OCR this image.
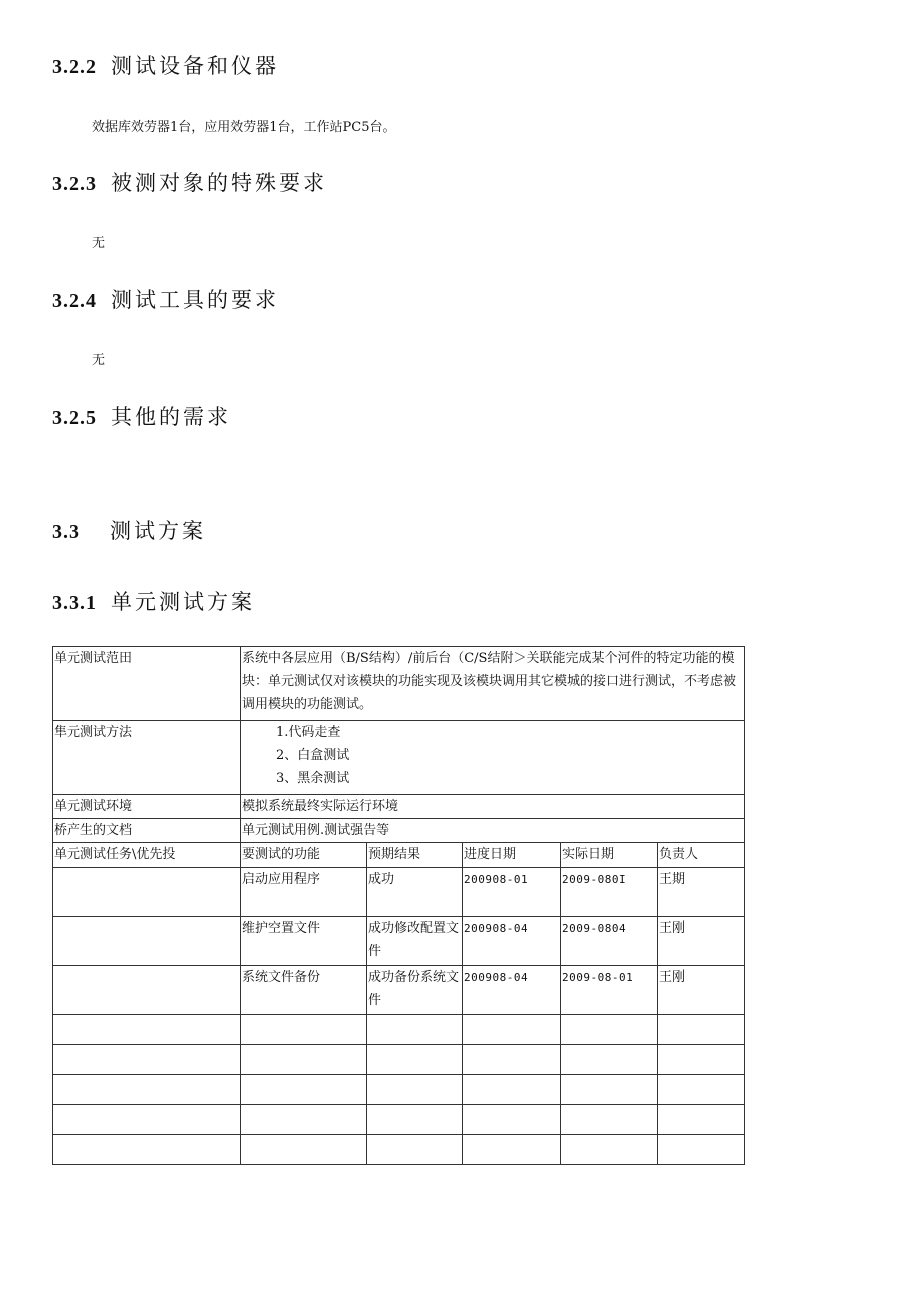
3.2.2 测试设备和仪器
效据库效劳器1台，应用效劳器1台，工作站PC5台。
3.2.3 被测对象的特殊要求
无
3.2.4 测试工具的要求
无
3.2.5 其他的需求
3.3 测试方案
3.3.1 单元测试方案
单元测试范田	系统中各层应用（B/S结构）/前后台（C/S结附＞关联能完成某个河件的特定功能的模块：单元测试仅对该模块的功能实现及该模块调用其它模城的接口进行测试，不考虑被调用模块的功能测试。				
隼元测试方法	1.代码走查
2、白盒测试
3、黑余测试				

单元测试环境	模拟系统最终实际运行环境				
桥产生的文档	单元测试用例.测试强告等				
单元测试任务\优先投	要测试的功能	预期结果	进度日期	实际日期	负责人
	启动应用程序	成功	200908-01	2009-080I	王期
	维护空置文件	成功修改配置文件	200908-04	2009-0804	王刚
	系统文件备份	成功备份系统文件	200908-04	2009-08-01	王刚
